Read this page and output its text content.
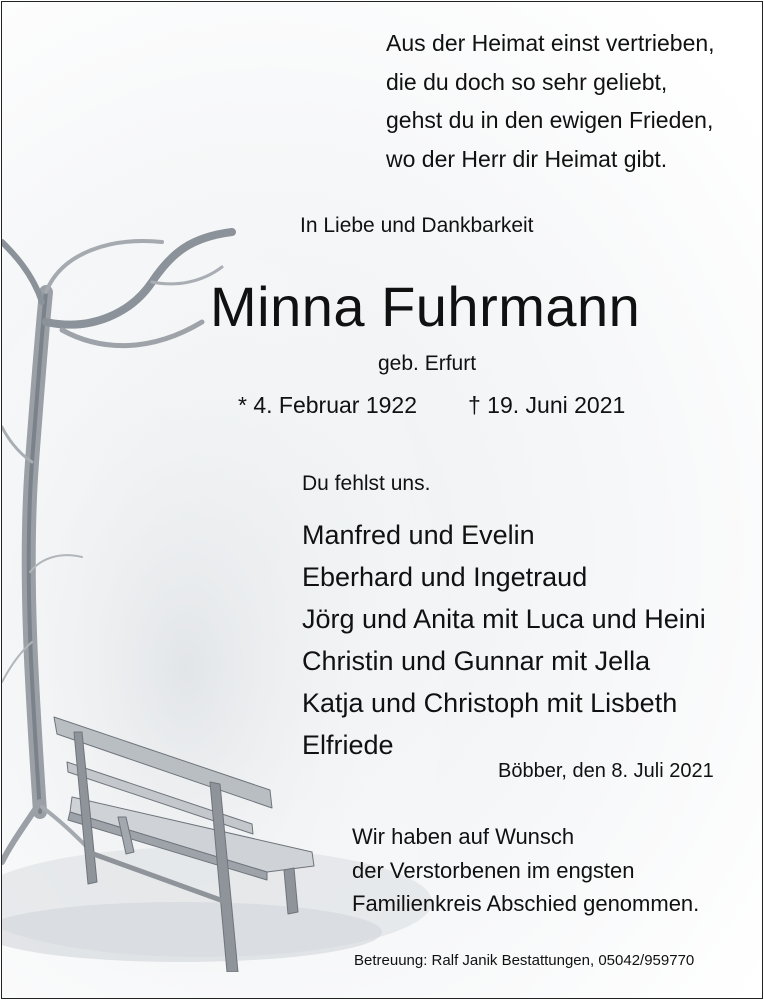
Aus der Heimat einst vertrieben,
die du doch so sehr geliebt,
gehst du in den ewigen Frieden,
wo der Herr dir Heimat gibt.
In Liebe und Dankbarkeit
Minna Fuhrmann
geb. Erfurt
* 4. Februar 1922 † 19. Juni 2021
Du fehlst uns.
Manfred und Evelin
Eberhard und Ingetraud
Jörg und Anita mit Luca und Heini
Christin und Gunnar mit Jella
Katja und Christoph mit Lisbeth
Elfriede
Böbber, den 8. Juli 2021
Wir haben auf Wunsch
der Verstorbenen im engsten
Familienkreis Abschied genommen.
Betreuung: Ralf Janik Bestattungen, 05042/959770
